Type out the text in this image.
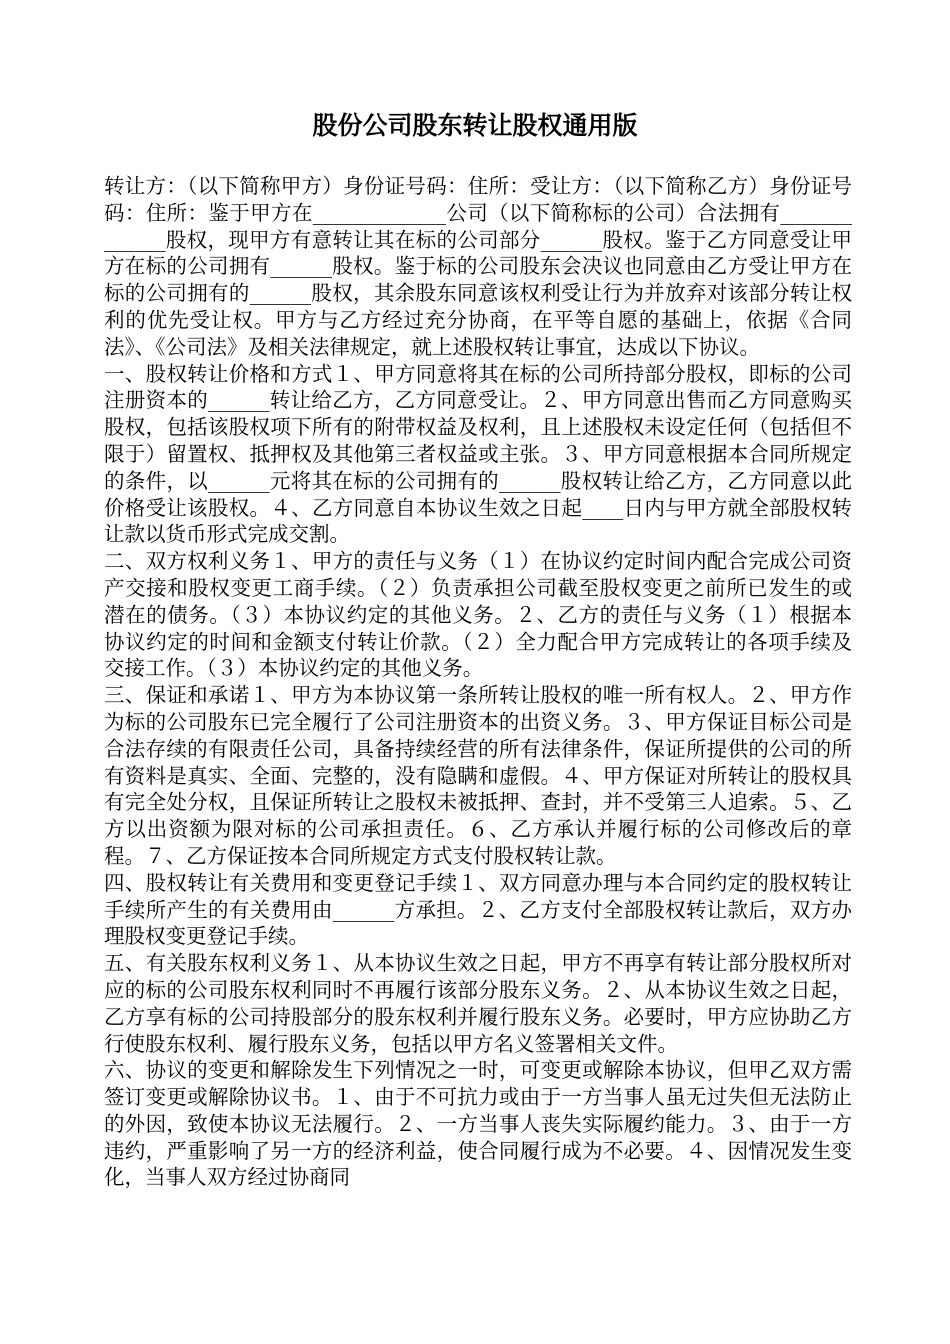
股份公司股东转让股权通用版

转让方：（以下简称甲方）身份证号码：住所：受让方：（以下简称乙方）身份证号码：住所：鉴于甲方在_____________公司（以下简称标的公司）合法拥有_____________股权，现甲方有意转让其在标的公司部分______股权。鉴于乙方同意受让甲方在标的公司拥有______股权。鉴于标的公司股东会决议也同意由乙方受让甲方在标的公司拥有的______股权，其余股东同意该权利受让行为并放弃对该部分转让权利的优先受让权。甲方与乙方经过充分协商，在平等自愿的基础上，依据《合同法》、《公司法》及相关法律规定，就上述股权转让事宜，达成以下协议。

一、股权转让价格和方式１、甲方同意将其在标的公司所持部分股权，即标的公司注册资本的______转让给乙方，乙方同意受让。２、甲方同意出售而乙方同意购买股权，包括该股权项下所有的附带权益及权利，且上述股权未设定任何（包括但不限于）留置权、抵押权及其他第三者权益或主张。３、甲方同意根据本合同所规定的条件，以______元将其在标的公司拥有的______股权转让给乙方，乙方同意以此价格受让该股权。４、乙方同意自本协议生效之日起____日内与甲方就全部股权转让款以货币形式完成交割。

二、双方权利义务１、甲方的责任与义务（１）在协议约定时间内配合完成公司资产交接和股权变更工商手续。（２）负责承担公司截至股权变更之前所已发生的或潜在的债务。（３）本协议约定的其他义务。２、乙方的责任与义务（１）根据本协议约定的时间和金额支付转让价款。（２）全力配合甲方完成转让的各项手续及交接工作。（３）本协议约定的其他义务。

三、保证和承诺１、甲方为本协议第一条所转让股权的唯一所有权人。２、甲方作为标的公司股东已完全履行了公司注册资本的出资义务。３、甲方保证目标公司是合法存续的有限责任公司，具备持续经营的所有法律条件，保证所提供的公司的所有资料是真实、全面、完整的，没有隐瞒和虚假。４、甲方保证对所转让的股权具有完全处分权，且保证所转让之股权未被抵押、查封，并不受第三人追索。５、乙方以出资额为限对标的公司承担责任。６、乙方承认并履行标的公司修改后的章程。７、乙方保证按本合同所规定方式支付股权转让款。

四、股权转让有关费用和变更登记手续１、双方同意办理与本合同约定的股权转让手续所产生的有关费用由______方承担。２、乙方支付全部股权转让款后，双方办理股权变更登记手续。

五、有关股东权利义务１、从本协议生效之日起，甲方不再享有转让部分股权所对应的标的公司股东权利同时不再履行该部分股东义务。２、从本协议生效之日起，乙方享有标的公司持股部分的股东权利并履行股东义务。必要时，甲方应协助乙方行使股东权利、履行股东义务，包括以甲方名义签署相关文件。

六、协议的变更和解除发生下列情况之一时，可变更或解除本协议，但甲乙双方需签订变更或解除协议书。１、由于不可抗力或由于一方当事人虽无过失但无法防止的外因，致使本协议无法履行。２、一方当事人丧失实际履约能力。３、由于一方违约，严重影响了另一方的经济利益，使合同履行成为不必要。４、因情况发生变化，当事人双方经过协商同
